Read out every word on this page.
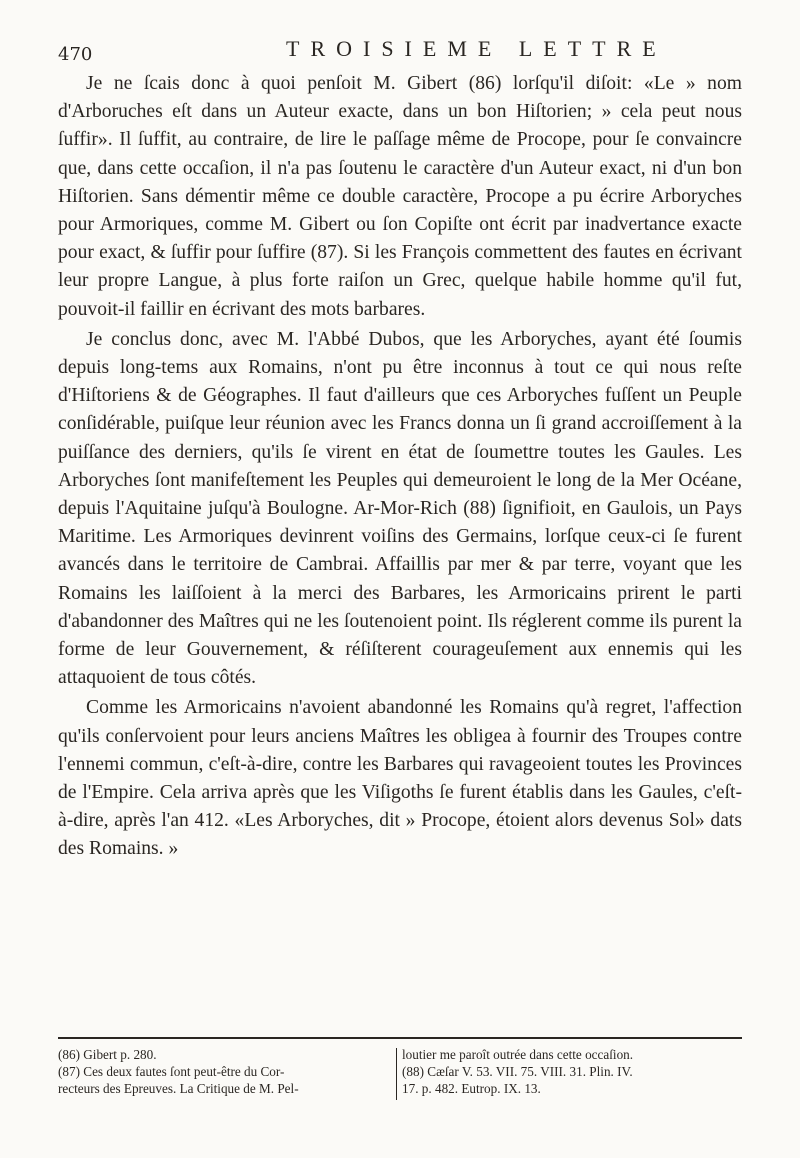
470	TROISIEME LETTRE

Je ne ſcais donc à quoi penſoit M. Gibert (86) lorſqu'il diſoit: «Le » nom d'Arboruches eſt dans un Auteur exacte, dans un bon Hiſtorien; » cela peut nous ſuffir». Il ſuffit, au contraire, de lire le paſſage même de Procope, pour ſe convaincre que, dans cette occaſion, il n'a pas ſoutenu le caractère d'un Auteur exact, ni d'un bon Hiſtorien. Sans démentir même ce double caractère, Procope a pu écrire Arboryches pour Armoriques, comme M. Gibert ou ſon Copiſte ont écrit par inadvertance exacte pour exact, & ſuffir pour ſuffire (87). Si les François commettent des fautes en écrivant leur propre Langue, à plus forte raiſon un Grec, quelque habile homme qu'il fut, pouvoit-il faillir en écrivant des mots barbares.

Je conclus donc, avec M. l'Abbé Dubos, que les Arboryches, ayant été ſoumis depuis long-tems aux Romains, n'ont pu être inconnus à tout ce qui nous reſte d'Hiſtoriens & de Géographes. Il faut d'ailleurs que ces Arboryches fuſſent un Peuple conſidérable, puiſque leur réunion avec les Francs donna un ſi grand accroiſſement à la puiſſance des derniers, qu'ils ſe virent en état de ſoumettre toutes les Gaules. Les Arboryches ſont manifeſtement les Peuples qui demeuroient le long de la Mer Océane, depuis l'Aquitaine juſqu'à Boulogne. Ar-Mor-Rich (88) ſignifioit, en Gaulois, un Pays Maritime. Les Armoriques devinrent voiſins des Germains, lorſque ceux-ci ſe furent avancés dans le territoire de Cambrai. Affaillis par mer & par terre, voyant que les Romains les laiſſoient à la merci des Barbares, les Armoricains prirent le parti d'abandonner des Maîtres qui ne les ſoutenoient point. Ils réglerent comme ils purent la forme de leur Gouvernement, & réſiſterent courageuſement aux ennemis qui les attaquoient de tous côtés.

Comme les Armoricains n'avoient abandonné les Romains qu'à regret, l'affection qu'ils conſervoient pour leurs anciens Maîtres les obligea à fournir des Troupes contre l'ennemi commun, c'eſt-à-dire, contre les Barbares qui ravageoient toutes les Provinces de l'Empire. Cela arriva après que les Viſigoths ſe furent établis dans les Gaules, c'eſt-à-dire, après l'an 412. «Les Arboryches, dit » Procope, étoient alors devenus Sol» dats des Romains. »

(86) Gibert p. 280.
(87) Ces deux fautes ſont peut-être du Cor-
recteurs des Epreuves. La Critique de M. Pel-
loutier me paroît outrée dans cette occaſion.
(88) Cæſar V. 53. VII. 75. VIII. 31. Plin. IV.
17. p. 482. Eutrop. IX. 13.
